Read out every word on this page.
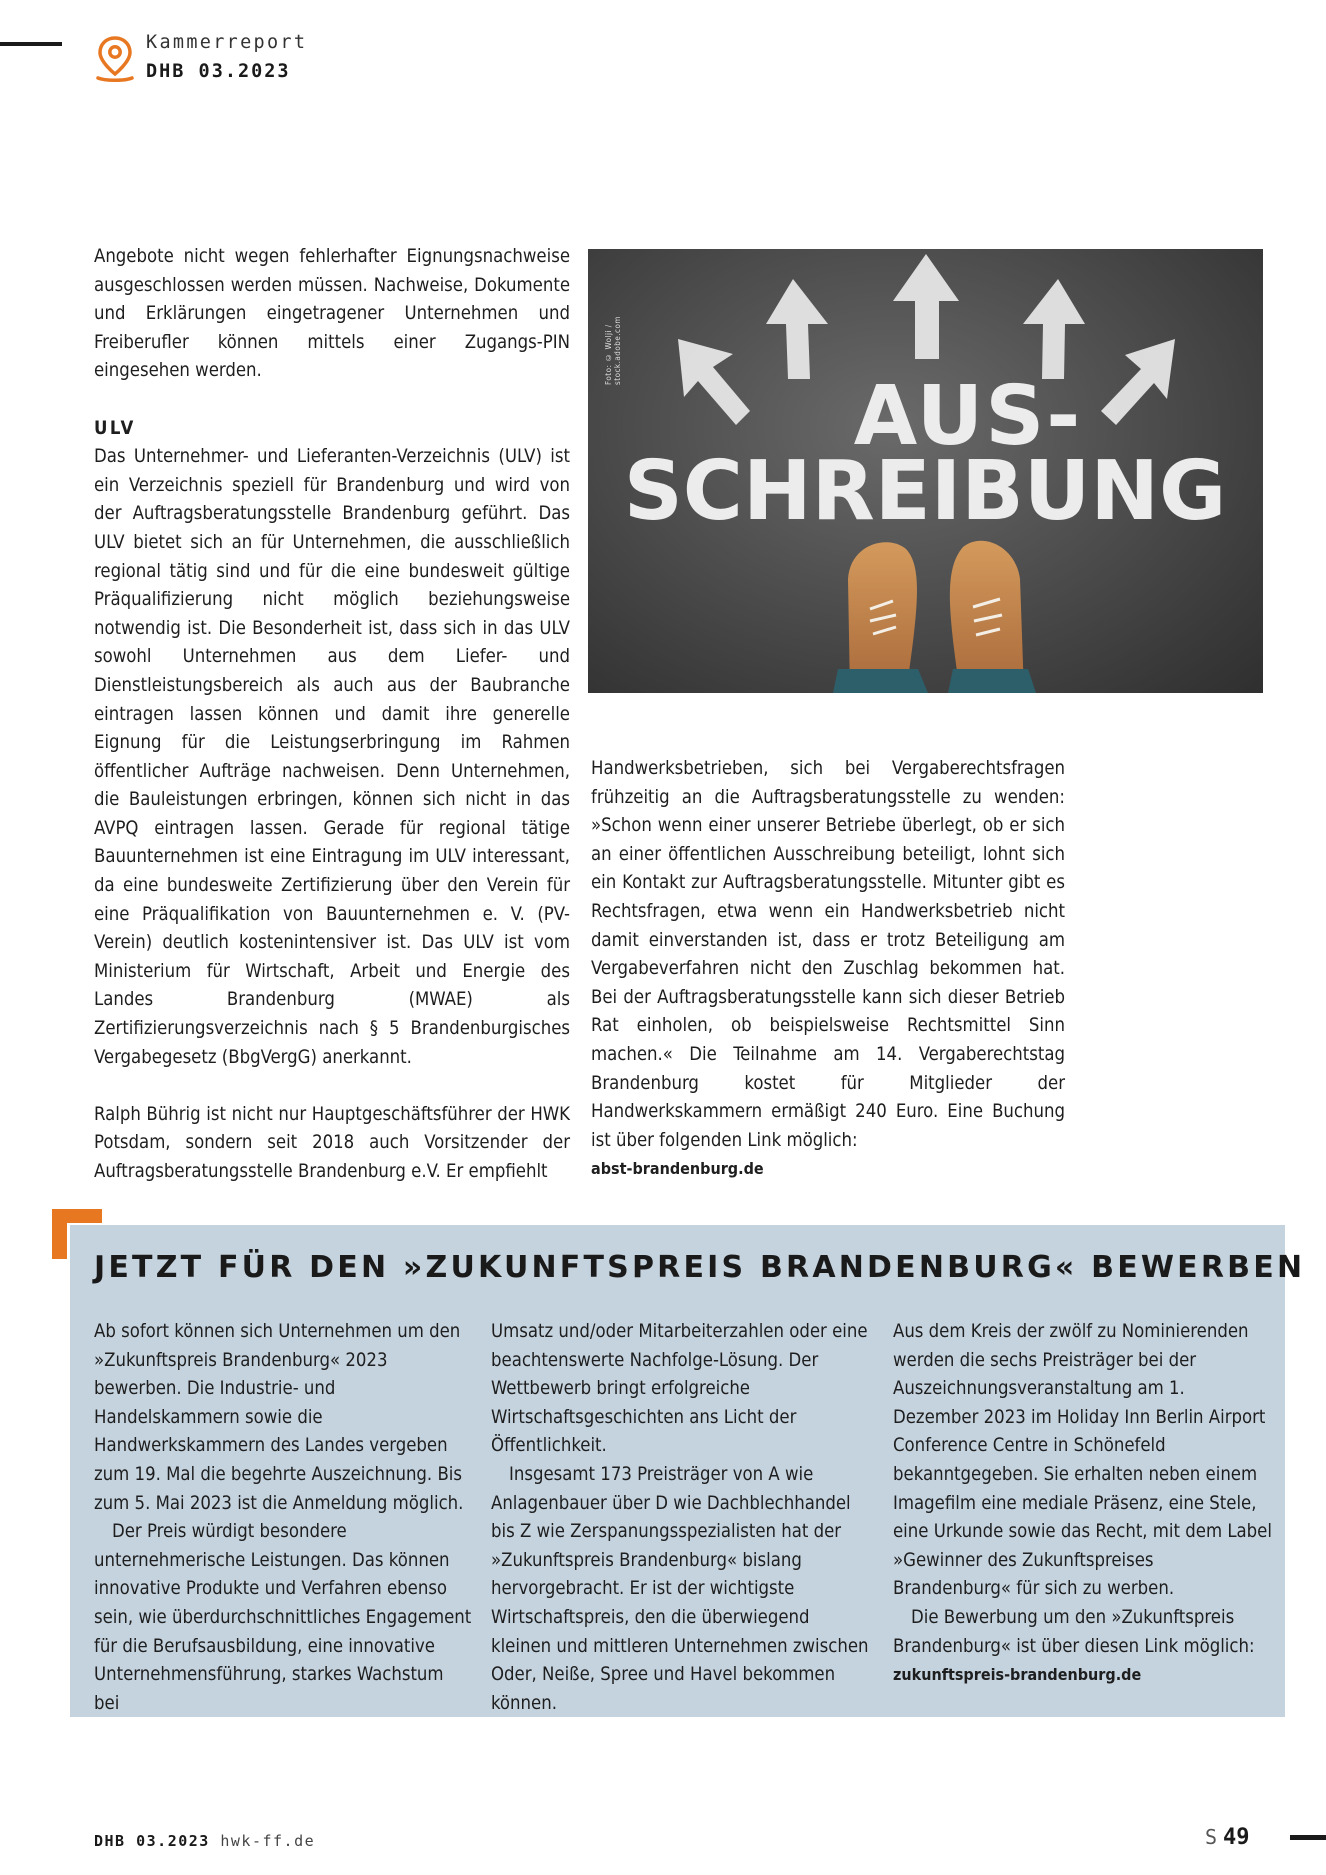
Kammerreport
DHB 03.2023

Angebote nicht wegen fehlerhafter Eignungsnachweise ausgeschlossen werden müssen. Nachweise, Dokumente und Erklärungen eingetragener Unternehmen und Freiberufler können mittels einer Zugangs-PIN eingesehen werden.

ULV

Das Unternehmer- und Lieferanten-Verzeichnis (ULV) ist ein Verzeichnis speziell für Brandenburg und wird von der Auftragsberatungsstelle Brandenburg geführt. Das ULV bietet sich an für Unternehmen, die ausschließlich regional tätig sind und für die eine bundesweit gültige Präqualifizierung nicht möglich beziehungsweise notwendig ist. Die Besonderheit ist, dass sich in das ULV sowohl Unternehmen aus dem Liefer- und Dienstleistungsbereich als auch aus der Baubranche eintragen lassen können und damit ihre generelle Eignung für die Leistungserbringung im Rahmen öffentlicher Aufträge nachweisen. Denn Unternehmen, die Bauleistungen erbringen, können sich nicht in das AVPQ eintragen lassen. Gerade für regional tätige Bauunternehmen ist eine Eintragung im ULV interessant, da eine bundesweite Zertifizierung über den Verein für eine Präqualifikation von Bauunternehmen e. V. (PV-Verein) deutlich kostenintensiver ist. Das ULV ist vom Ministerium für Wirtschaft, Arbeit und Energie des Landes Brandenburg (MWAE) als Zertifizierungsverzeichnis nach § 5 Brandenburgisches Vergabegesetz (BbgVergG) anerkannt.

Ralph Bührig ist nicht nur Hauptgeschäftsführer der HWK Potsdam, sondern seit 2018 auch Vorsitzender der Auftragsberatungsstelle Brandenburg e.V. Er empfiehlt

AUS-
SCHREIBUNG
Foto: © Wolji / stock.adobe.com

Handwerksbetrieben, sich bei Vergaberechtsfragen frühzeitig an die Auftragsberatungsstelle zu wenden: »Schon wenn einer unserer Betriebe überlegt, ob er sich an einer öffentlichen Ausschreibung beteiligt, lohnt sich ein Kontakt zur Auftragsberatungsstelle. Mitunter gibt es Rechtsfragen, etwa wenn ein Handwerksbetrieb nicht damit einverstanden ist, dass er trotz Beteiligung am Vergabeverfahren nicht den Zuschlag bekommen hat. Bei der Auftragsberatungsstelle kann sich dieser Betrieb Rat einholen, ob beispielsweise Rechtsmittel Sinn machen.« Die Teilnahme am 14. Vergaberechtstag Brandenburg kostet für Mitglieder der Handwerkskammern ermäßigt 240 Euro. Eine Buchung ist über folgenden Link möglich:

abst-brandenburg.de

JETZT FÜR DEN »ZUKUNFTSPREIS BRANDENBURG« BEWERBEN

Ab sofort können sich Unternehmen um den »Zukunftspreis Brandenburg« 2023 bewerben. Die Industrie- und Handelskammern sowie die Handwerkskammern des Landes vergeben zum 19. Mal die begehrte Auszeichnung. Bis zum 5. Mai 2023 ist die Anmeldung möglich.

Der Preis würdigt besondere unternehmerische Leistungen. Das können innovative Produkte und Verfahren ebenso sein, wie überdurchschnittliches Engagement für die Berufsausbildung, eine innovative Unternehmensführung, starkes Wachstum bei

Umsatz und/oder Mitarbeiterzahlen oder eine beachtenswerte Nachfolge-Lösung. Der Wettbewerb bringt erfolgreiche Wirtschaftsgeschichten ans Licht der Öffentlichkeit.

Insgesamt 173 Preisträger von A wie Anlagenbauer über D wie Dachblechhandel bis Z wie Zerspanungsspezialisten hat der »Zukunftspreis Brandenburg« bislang hervorgebracht. Er ist der wichtigste Wirtschaftspreis, den die überwiegend kleinen und mittleren Unternehmen zwischen Oder, Neiße, Spree und Havel bekommen können.

Aus dem Kreis der zwölf zu Nominierenden werden die sechs Preisträger bei der Auszeichnungsveranstaltung am 1. Dezember 2023 im Holiday Inn Berlin Airport Conference Centre in Schönefeld bekanntgegeben. Sie erhalten neben einem Imagefilm eine mediale Präsenz, eine Stele, eine Urkunde sowie das Recht, mit dem Label »Gewinner des Zukunftspreises Brandenburg« für sich zu werben.

Die Bewerbung um den »Zukunftspreis Brandenburg« ist über diesen Link möglich: zukunftspreis-brandenburg.de

DHB 03.2023 hwk-ff.de	S 49
